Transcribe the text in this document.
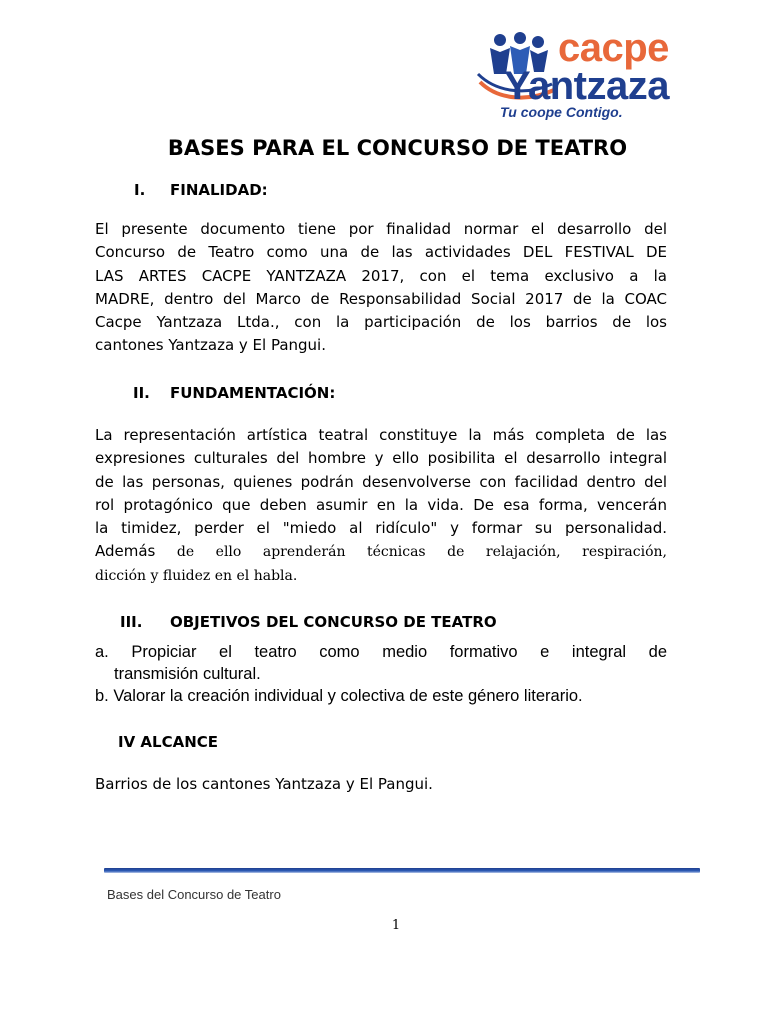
cacpe
Yantzaza
Tu coope Contigo.
BASES PARA EL CONCURSO DE TEATRO
I. FINALIDAD:
El presente documento tiene por finalidad normar el desarrollo del
Concurso de Teatro como una de las actividades DEL FESTIVAL DE
LAS ARTES CACPE YANTZAZA 2017, con el tema exclusivo a la
MADRE, dentro del Marco de Responsabilidad Social 2017 de la COAC
Cacpe Yantzaza Ltda., con la participación de los barrios de los
cantones Yantzaza y El Pangui.
II. FUNDAMENTACIÓN:
La representación artística teatral constituye la más completa de las
expresiones culturales del hombre y ello posibilita el desarrollo integral
de las personas, quienes podrán desenvolverse con facilidad dentro del
rol protagónico que deben asumir en la vida. De esa forma, vencerán
la timidez, perder el "miedo al ridículo" y formar su personalidad.
Además de ello aprenderán técnicas de relajación, respiración,
dicción y fluidez en el habla.
III. OBJETIVOS DEL CONCURSO DE TEATRO
a. Propiciar el teatro como medio formativo e integral de
transmisión cultural.
b. Valorar la creación individual y colectiva de este género literario.
IV ALCANCE
Barrios de los cantones Yantzaza y El Pangui.
Bases del Concurso de Teatro
1
